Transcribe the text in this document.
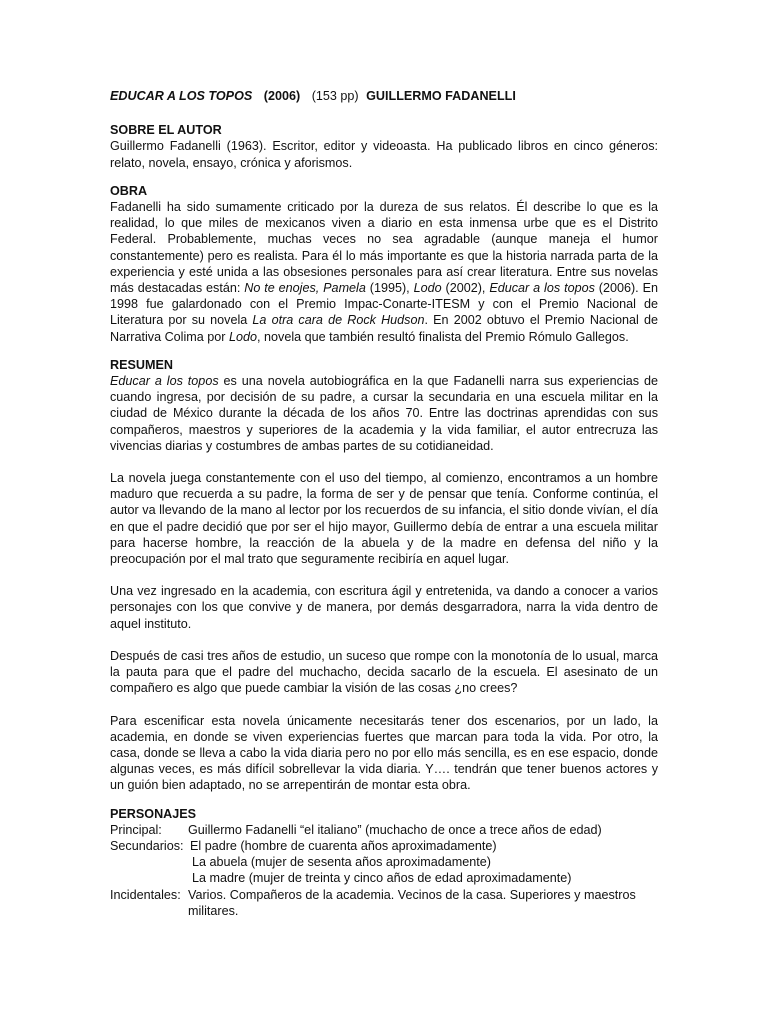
EDUCAR A LOS TOPOS (2006) (153 pp) GUILLERMO FADANELLI
SOBRE EL AUTOR

Guillermo Fadanelli (1963). Escritor, editor y videoasta. Ha publicado libros en cinco géneros: relato, novela, ensayo, crónica y aforismos.

OBRA

Fadanelli ha sido sumamente criticado por la dureza de sus relatos. Él describe lo que es la realidad, lo que miles de mexicanos viven a diario en esta inmensa urbe que es el Distrito Federal. Probablemente, muchas veces no sea agradable (aunque maneja el humor constantemente) pero es realista. Para él lo más importante es que la historia narrada parta de la experiencia y esté unida a las obsesiones personales para así crear literatura. Entre sus novelas más destacadas están: No te enojes, Pamela (1995), Lodo (2002), Educar a los topos (2006). En 1998 fue galardonado con el Premio Impac-Conarte-ITESM y con el Premio Nacional de Literatura por su novela La otra cara de Rock Hudson. En 2002 obtuvo el Premio Nacional de Narrativa Colima por Lodo, novela que también resultó finalista del Premio Rómulo Gallegos.

RESUMEN

Educar a los topos es una novela autobiográfica en la que Fadanelli narra sus experiencias de cuando ingresa, por decisión de su padre, a cursar la secundaria en una escuela militar en la ciudad de México durante la década de los años 70. Entre las doctrinas aprendidas con sus compañeros, maestros y superiores de la academia y la vida familiar, el autor entrecruza las vivencias diarias y costumbres de ambas partes de su cotidianeidad.

La novela juega constantemente con el uso del tiempo, al comienzo, encontramos a un hombre maduro que recuerda a su padre, la forma de ser y de pensar que tenía. Conforme continúa, el autor va llevando de la mano al lector por los recuerdos de su infancia, el sitio donde vivían, el día en que el padre decidió que por ser el hijo mayor, Guillermo debía de entrar a una escuela militar para hacerse hombre, la reacción de la abuela y de la madre en defensa del niño y la preocupación por el mal trato que seguramente recibiría en aquel lugar.

Una vez ingresado en la academia, con escritura ágil y entretenida, va dando a conocer a varios personajes con los que convive y de manera, por demás desgarradora, narra la vida dentro de aquel instituto.

Después de casi tres años de estudio, un suceso que rompe con la monotonía de lo usual, marca la pauta para que el padre del muchacho, decida sacarlo de la escuela. El asesinato de un compañero es algo que puede cambiar la visión de las cosas ¿no crees?

Para escenificar esta novela únicamente necesitarás tener dos escenarios, por un lado, la academia, en donde se viven experiencias fuertes que marcan para toda la vida. Por otro, la casa, donde se lleva a cabo la vida diaria pero no por ello más sencilla, es en ese espacio, donde algunas veces, es más difícil sobrellevar la vida diaria. Y…. tendrán que tener buenos actores y un guión bien adaptado, no se arrepentirán de montar esta obra.

PERSONAJES
Principal:	Guillermo Fadanelli “el italiano” (muchacho de once a trece años de edad)
Secundarios: El padre (hombre de cuarenta años aproximadamente)
La abuela (mujer de sesenta años aproximadamente)
La madre (mujer de treinta y cinco años de edad aproximadamente)
Incidentales: Varios. Compañeros de la academia. Vecinos de la casa. Superiores y maestros militares.
